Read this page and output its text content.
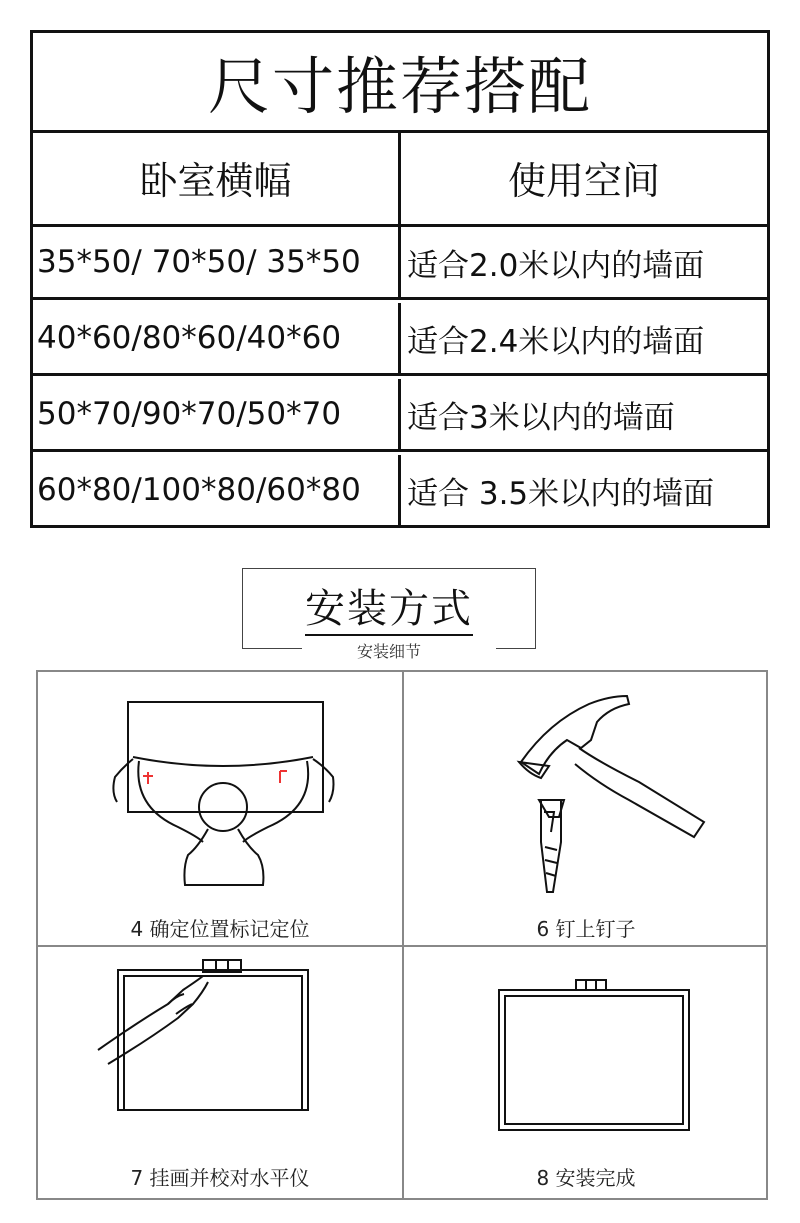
尺寸推荐搭配
卧室横幅	使用空间
35*50/ 70*50/ 35*50	适合2.0米以内的墙面
40*60/80*60/40*60	适合2.4米以内的墙面
50*70/90*70/50*70	适合3米以内的墙面
60*80/100*80/60*80	适合 3.5米以内的墙面
安装方式
安装细节
4 确定位置标记定位	6 钉上钉子
7 挂画并校对水平仪	8 安装完成
